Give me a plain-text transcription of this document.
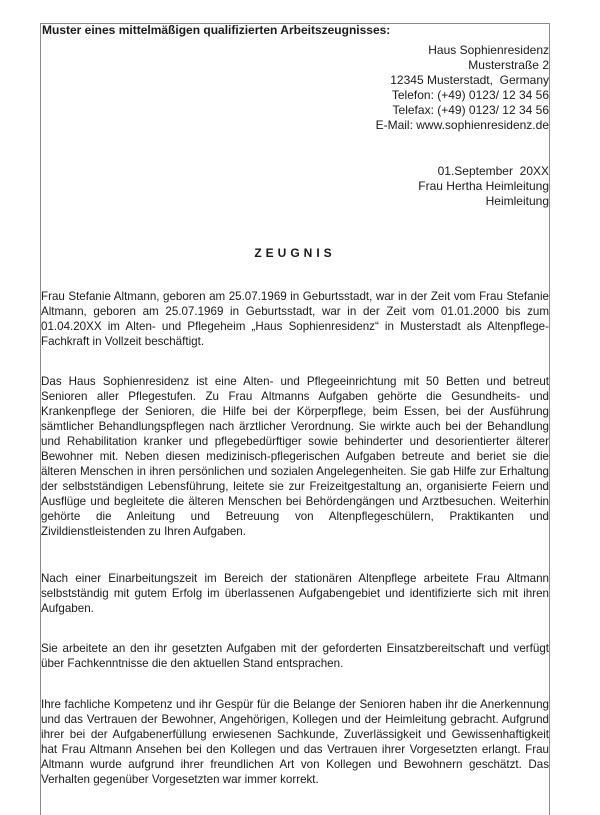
Muster eines mittelmäßigen qualifizierten Arbeitszeugnisses:
Haus Sophienresidenz
Musterstraße 2
12345 Musterstadt,  Germany
Telefon: (+49) 0123/ 12 34 56
Telefax: (+49) 0123/ 12 34 56
E-Mail: www.sophienresidenz.de
01.September  20XX
Frau Hertha Heimleitung
Heimleitung
ZEUGNIS
Frau Stefanie Altmann, geboren am 25.07.1969 in Geburtsstadt, war in der Zeit vom Frau Stefanie Altmann, geboren am 25.07.1969 in Geburtsstadt, war in der Zeit vom 01.01.2000 bis zum 01.04.20XX im Alten- und Pflegeheim „Haus Sophienresidenz“ in Musterstadt als Altenpflege-Fachkraft in Vollzeit beschäftigt.
Das Haus Sophienresidenz ist eine Alten- und Pflegeeinrichtung mit 50 Betten und betreut Senioren aller Pflegestufen. Zu Frau Altmanns Aufgaben gehörte die Gesundheits- und Krankenpflege der Senioren, die Hilfe bei der Körperpflege, beim Essen, bei der Ausführung sämtlicher Behandlungspflegen nach ärztlicher Verordnung. Sie wirkte auch bei der Behandlung und Rehabilitation kranker und pflegebedürftiger sowie behinderter und desorientierter älterer Bewohner mit. Neben diesen medizinisch-pflegerischen Aufgaben betreute and beriet sie die älteren Menschen in ihren persönlichen und sozialen Angelegenheiten. Sie gab Hilfe zur Erhaltung der selbstständigen Lebensführung, leitete sie zur Freizeitgestaltung an, organisierte Feiern und Ausflüge und begleitete die älteren Menschen bei Behördengängen und Arztbesuchen. Weiterhin gehörte die Anleitung und Betreuung von Altenpflegeschülern, Praktikanten und Zivildienstleistenden zu Ihren Aufgaben.
Nach einer Einarbeitungszeit im Bereich der stationären Altenpflege arbeitete Frau Altmann selbstständig mit gutem Erfolg im überlassenen Aufgabengebiet und identifizierte sich mit ihren Aufgaben.
Sie arbeitete an den ihr gesetzten Aufgaben mit der geforderten Einsatzbereitschaft und verfügt über Fachkenntnisse die den aktuellen Stand entsprachen.
Ihre fachliche Kompetenz und ihr Gespür für die Belange der Senioren haben ihr die Anerkennung und das Vertrauen der Bewohner, Angehörigen, Kollegen und der Heimleitung gebracht. Aufgrund ihrer bei der Aufgabenerfüllung erwiesenen Sachkunde, Zuverlässigkeit und Gewissenhaftigkeit hat Frau Altmann Ansehen bei den Kollegen und das Vertrauen ihrer Vorgesetzten erlangt. Frau Altmann wurde aufgrund ihrer freundlichen Art von Kollegen und Bewohnern geschätzt. Das Verhalten gegenüber Vorgesetzten war immer korrekt.
